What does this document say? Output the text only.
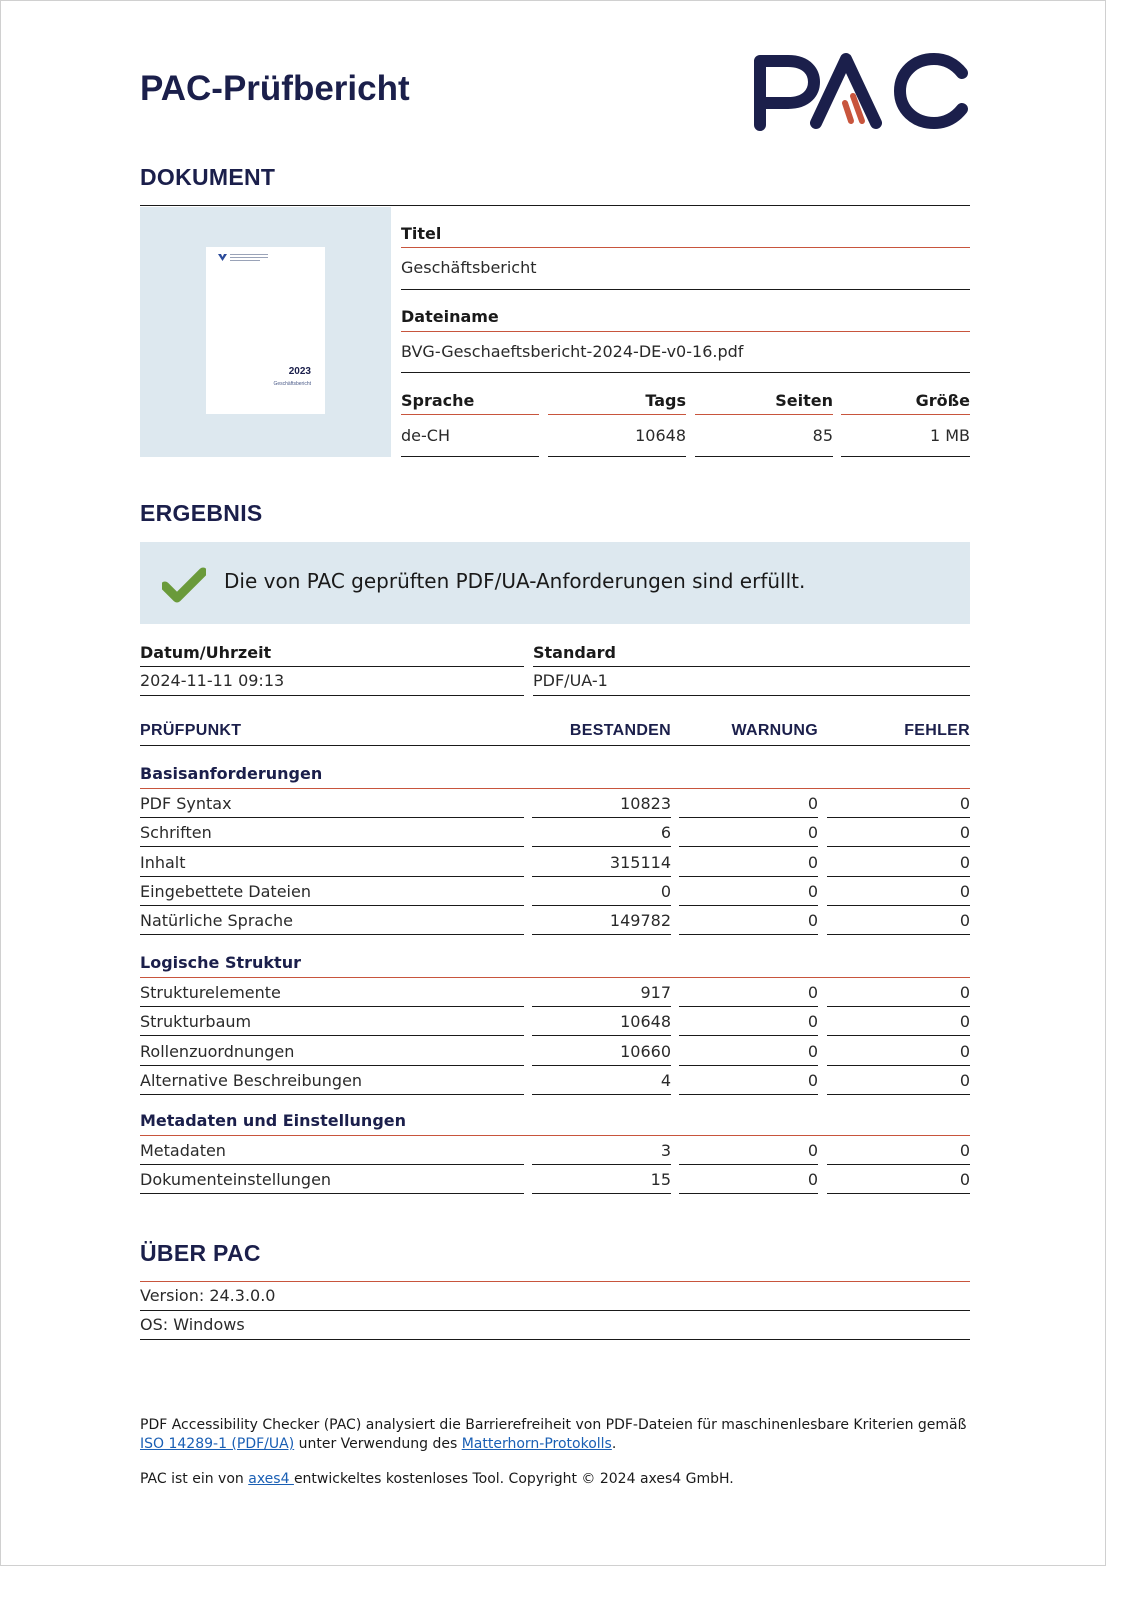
PAC-Prüfbericht
DOKUMENT
2023
Geschäftsbericht
Titel
Geschäftsbericht
Dateiname
BVG-Geschaeftsbericht-2024-DE-v0-16.pdf
Sprache	Tags	Seiten	Größe
de-CH	10648	85	1 MB
ERGEBNIS
Die von PAC geprüften PDF/UA-Anforderungen sind erfüllt.
Datum/Uhrzeit	Standard
2024-11-11 09:13	PDF/UA-1
PRÜFPUNKT	BESTANDEN	WARNUNG	FEHLER
ÜBER PAC
Version: 24.3.0.0
OS: Windows
PDF Accessibility Checker (PAC) analysiert die Barrierefreiheit von PDF-Dateien für maschinenlesbare Kriterien gemäß
ISO 14289-1 (PDF/UA) unter Verwendung des Matterhorn-Protokolls.
PAC ist ein von axes4 entwickeltes kostenloses Tool. Copyright © 2024 axes4 GmbH.
Basisanforderungen
PDF Syntax	10823	0	0
Schriften	6	0	0
Inhalt	315114	0	0
Eingebettete Dateien	0	0	0
Natürliche Sprache	149782	0	0
Logische Struktur
Strukturelemente	917	0	0
Strukturbaum	10648	0	0
Rollenzuordnungen	10660	0	0
Alternative Beschreibungen	4	0	0
Metadaten und Einstellungen
Metadaten	3	0	0
Dokumenteinstellungen	15	0	0
